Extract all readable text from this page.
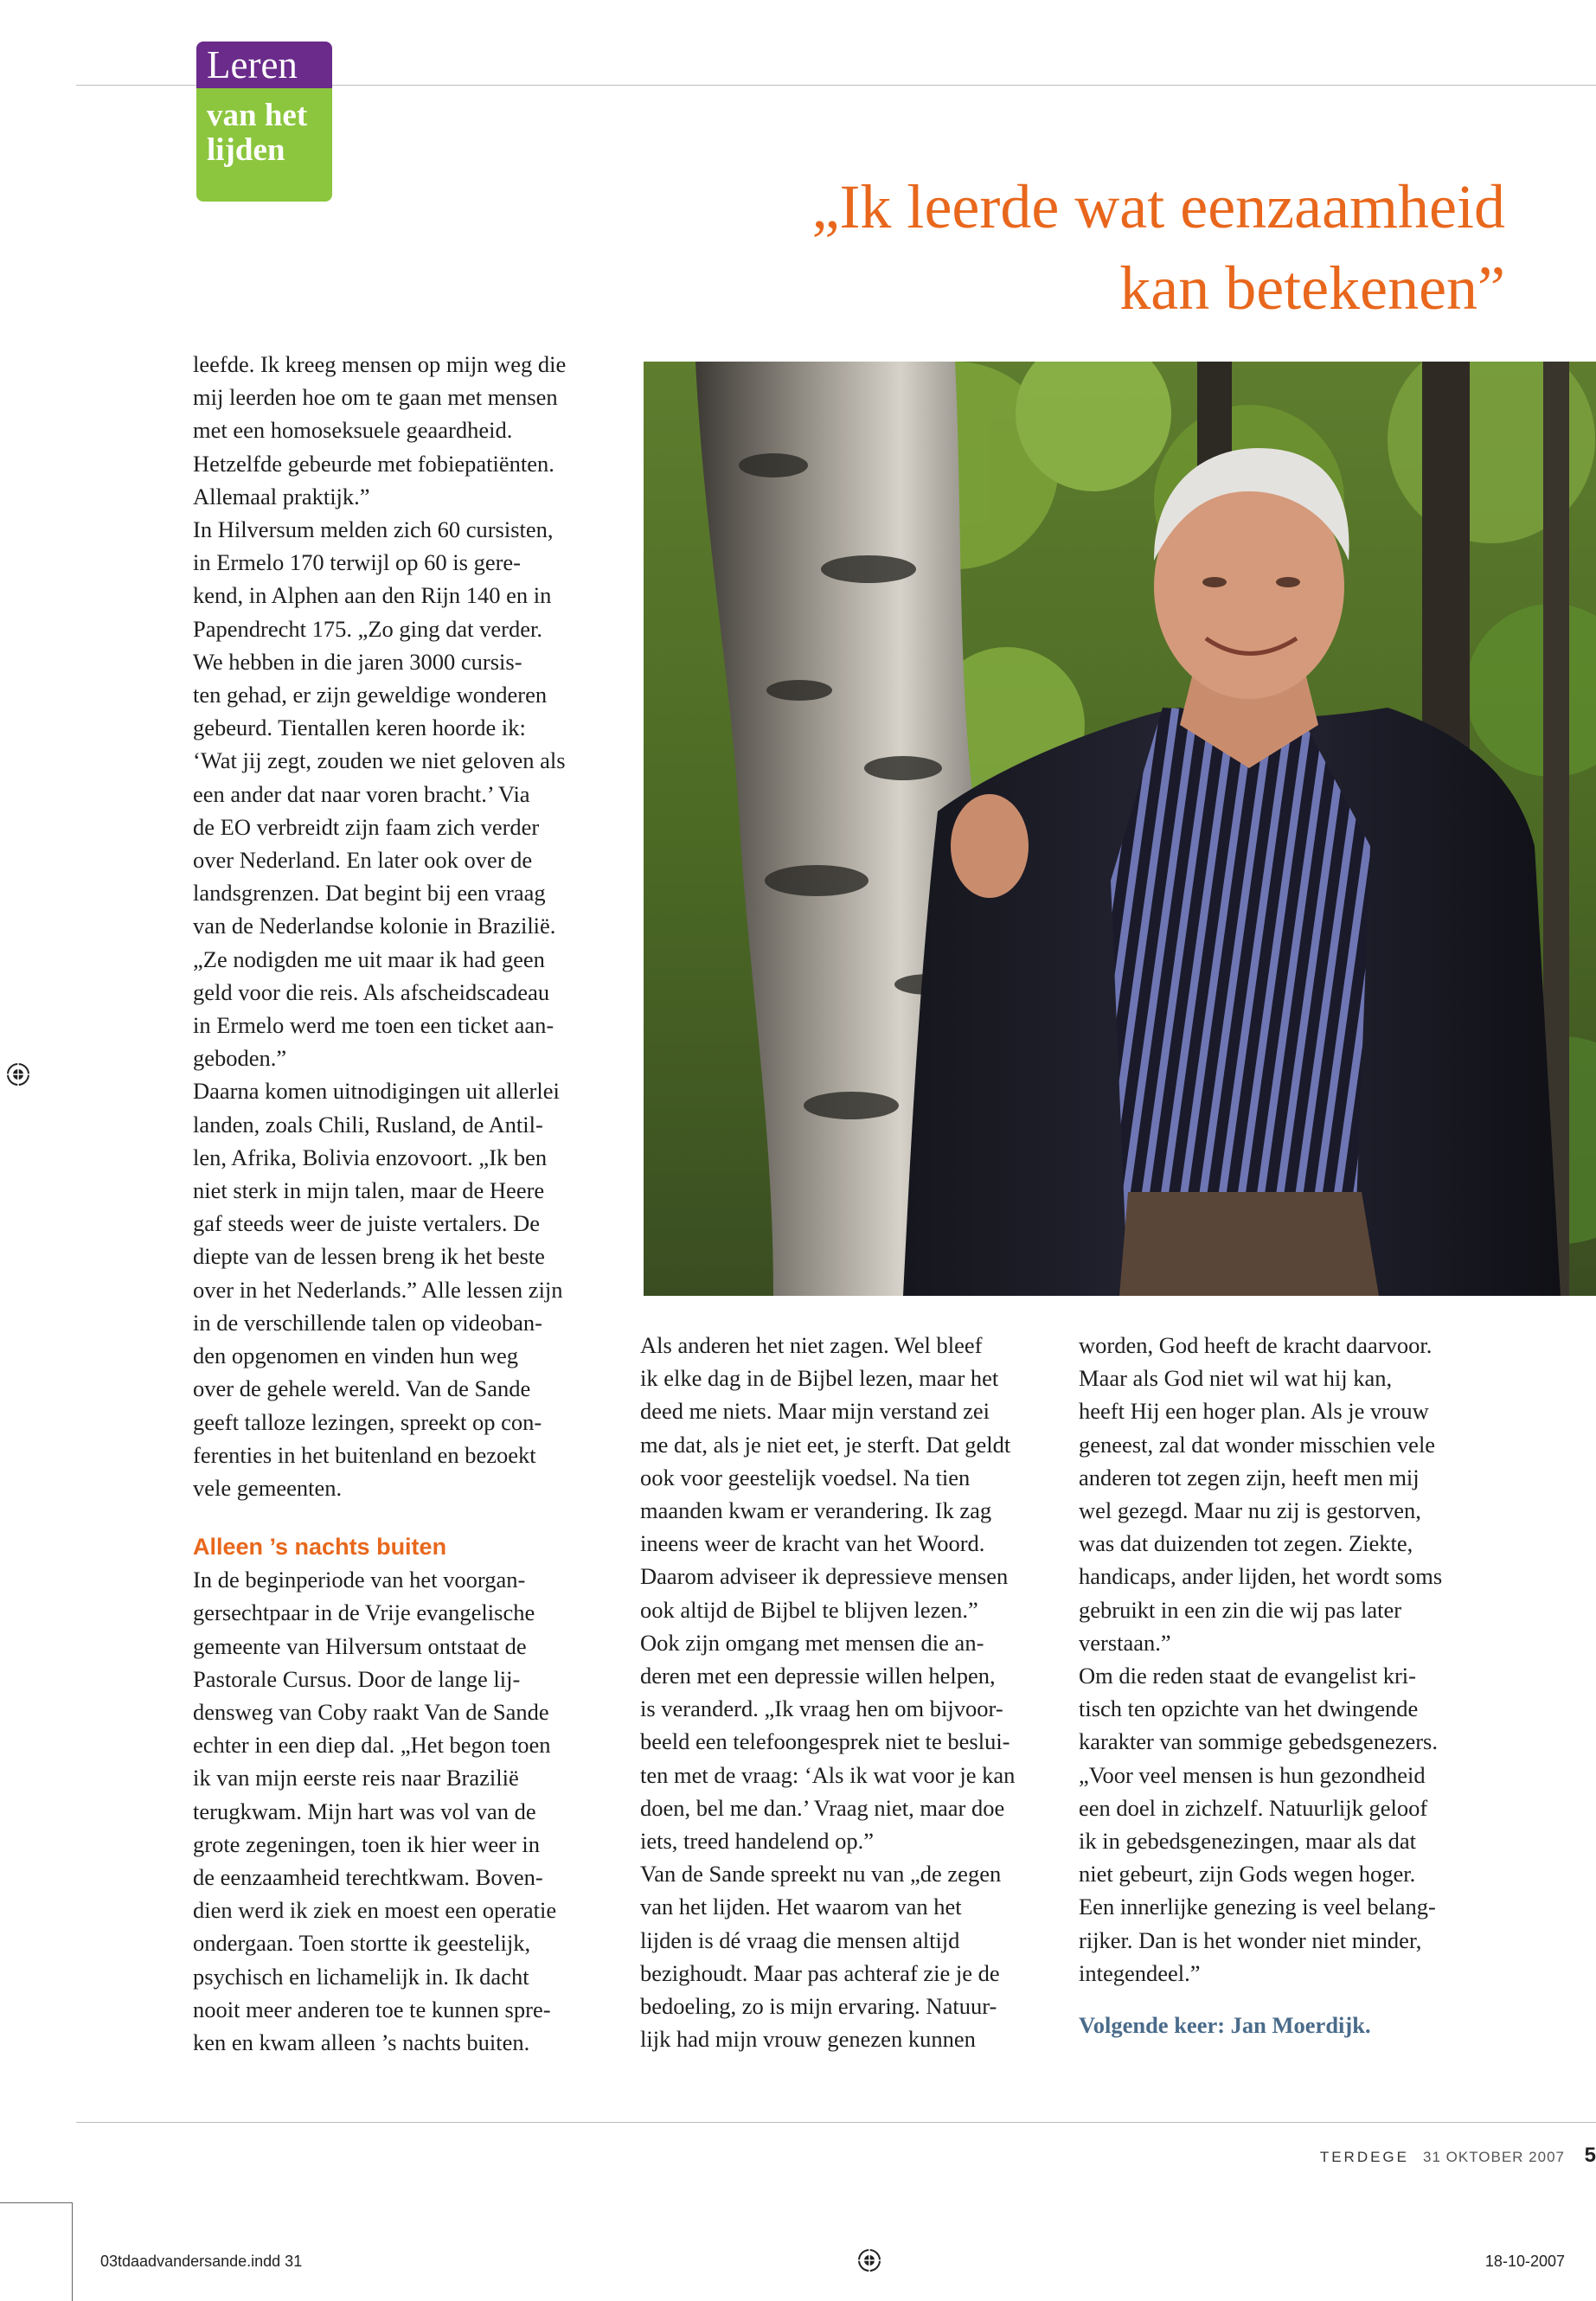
Leren
van het
lijden
„Ik leerde wat eenzaamheid
kan betekenen”

leefde. Ik kreeg mensen op mijn weg die
mij leerden hoe om te gaan met mensen
met een homoseksuele geaardheid.
Hetzelfde gebeurde met fobiepatiënten.
Allemaal praktijk.”
In Hilversum melden zich 60 cursisten,
in Ermelo 170 terwijl op 60 is gere-
kend, in Alphen aan den Rijn 140 en in
Papendrecht 175. „Zo ging dat verder.
We hebben in die jaren 3000 cursis-
ten gehad, er zijn geweldige wonderen
gebeurd. Tientallen keren hoorde ik:
‘Wat jij zegt, zouden we niet geloven als
een ander dat naar voren bracht.’ Via
de EO verbreidt zijn faam zich verder
over Nederland. En later ook over de
landsgrenzen. Dat begint bij een vraag
van de Nederlandse kolonie in Brazilië.
„Ze nodigden me uit maar ik had geen
geld voor die reis. Als afscheidscadeau
in Ermelo werd me toen een ticket aan-
geboden.”
Daarna komen uitnodigingen uit allerlei
landen, zoals Chili, Rusland, de Antil-
len, Afrika, Bolivia enzovoort. „Ik ben
niet sterk in mijn talen, maar de Heere
gaf steeds weer de juiste vertalers. De
diepte van de lessen breng ik het beste
over in het Nederlands.” Alle lessen zijn
in de verschillende talen op videoban-
den opgenomen en vinden hun weg
over de gehele wereld. Van de Sande
geeft talloze lezingen, spreekt op con-
ferenties in het buitenland en bezoekt
vele gemeenten.

Alleen ’s nachts buiten

In de beginperiode van het voorgan-
gersechtpaar in de Vrije evangelische
gemeente van Hilversum ontstaat de
Pastorale Cursus. Door de lange lij-
densweg van Coby raakt Van de Sande
echter in een diep dal. „Het begon toen
ik van mijn eerste reis naar Brazilië
terugkwam. Mijn hart was vol van de
grote zegeningen, toen ik hier weer in
de eenzaamheid terechtkwam. Boven-
dien werd ik ziek en moest een operatie
ondergaan. Toen stortte ik geestelijk,
psychisch en lichamelijk in. Ik dacht
nooit meer anderen toe te kunnen spre-
ken en kwam alleen ’s nachts buiten.

Als anderen het niet zagen. Wel bleef
ik elke dag in de Bijbel lezen, maar het
deed me niets. Maar mijn verstand zei
me dat, als je niet eet, je sterft. Dat geldt
ook voor geestelijk voedsel. Na tien
maanden kwam er verandering. Ik zag
ineens weer de kracht van het Woord.
Daarom adviseer ik depressieve mensen
ook altijd de Bijbel te blijven lezen.”
Ook zijn omgang met mensen die an-
deren met een depressie willen helpen,
is veranderd. „Ik vraag hen om bijvoor-
beeld een telefoongesprek niet te beslui-
ten met de vraag: ‘Als ik wat voor je kan
doen, bel me dan.’ Vraag niet, maar doe
iets, treed handelend op.”
Van de Sande spreekt nu van „de zegen
van het lijden. Het waarom van het
lijden is dé vraag die mensen altijd
bezighoudt. Maar pas achteraf zie je de
bedoeling, zo is mijn ervaring. Natuur-
lijk had mijn vrouw genezen kunnen

worden, God heeft de kracht daarvoor.
Maar als God niet wil wat hij kan,
heeft Hij een hoger plan. Als je vrouw
geneest, zal dat wonder misschien vele
anderen tot zegen zijn, heeft men mij
wel gezegd. Maar nu zij is gestorven,
was dat duizenden tot zegen. Ziekte,
handicaps, ander lijden, het wordt soms
gebruikt in een zin die wij pas later
verstaan.”
Om die reden staat de evangelist kri-
tisch ten opzichte van het dwingende
karakter van sommige gebedsgenezers.
„Voor veel mensen is hun gezondheid
een doel in zichzelf. Natuurlijk geloof
ik in gebedsgenezingen, maar als dat
niet gebeurt, zijn Gods wegen hoger.
Een innerlijke genezing is veel belang-
rijker. Dan is het wonder niet minder,
integendeel.”

Volgende keer: Jan Moerdijk.
TERDEGE 31 OKTOBER 2007 5
03tdaadvandersande.indd 31	18-10-2007
